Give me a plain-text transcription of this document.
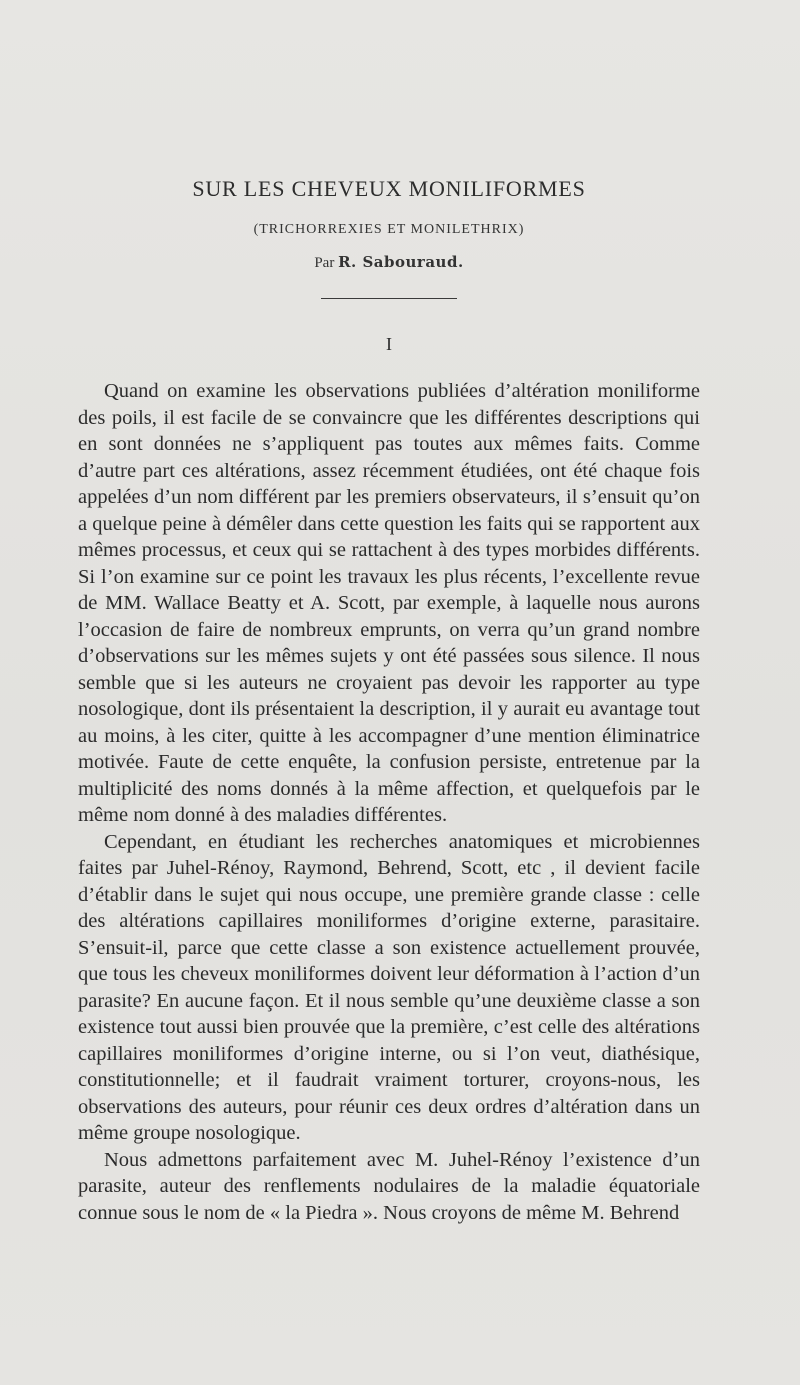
SUR LES CHEVEUX MONILIFORMES
(TRICHORREXIES ET MONILETHRIX)
Par R. Sabouraud.
I

Quand on examine les observations publiées d’altération moniliforme des poils, il est facile de se convaincre que les différentes descriptions qui en sont données ne s’appliquent pas toutes aux mêmes faits. Comme d’autre part ces altérations, assez récemment étudiées, ont été chaque fois appelées d’un nom différent par les premiers observateurs, il s’ensuit qu’on a quelque peine à démêler dans cette question les faits qui se rapportent aux mêmes processus, et ceux qui se rattachent à des types morbides différents. Si l’on examine sur ce point les travaux les plus récents, l’excellente revue de MM. Wallace Beatty et A. Scott, par exemple, à laquelle nous aurons l’occasion de faire de nombreux emprunts, on verra qu’un grand nombre d’observations sur les mêmes sujets y ont été passées sous silence. Il nous semble que si les auteurs ne croyaient pas devoir les rapporter au type nosologique, dont ils présentaient la description, il y aurait eu avantage tout au moins, à les citer, quitte à les accompagner d’une mention éliminatrice motivée. Faute de cette enquête, la confusion persiste, entretenue par la multiplicité des noms donnés à la même affection, et quelquefois par le même nom donné à des maladies différentes.

Cependant, en étudiant les recherches anatomiques et microbiennes faites par Juhel-Rénoy, Raymond, Behrend, Scott, etc , il devient facile d’établir dans le sujet qui nous occupe, une première grande classe : celle des altérations capillaires moniliformes d’origine externe, parasitaire. S’ensuit-il, parce que cette classe a son existence actuellement prouvée, que tous les cheveux moniliformes doivent leur déformation à l’action d’un parasite? En aucune façon. Et il nous semble qu’une deuxième classe a son existence tout aussi bien prouvée que la première, c’est celle des altérations capillaires moniliformes d’origine interne, ou si l’on veut, diathésique, constitutionnelle; et il faudrait vraiment torturer, croyons-nous, les observations des auteurs, pour réunir ces deux ordres d’altération dans un même groupe nosologique.

Nous admettons parfaitement avec M. Juhel-Rénoy l’existence d’un parasite, auteur des renflements nodulaires de la maladie équatoriale connue sous le nom de « la Piedra ». Nous croyons de même M. Behrend
